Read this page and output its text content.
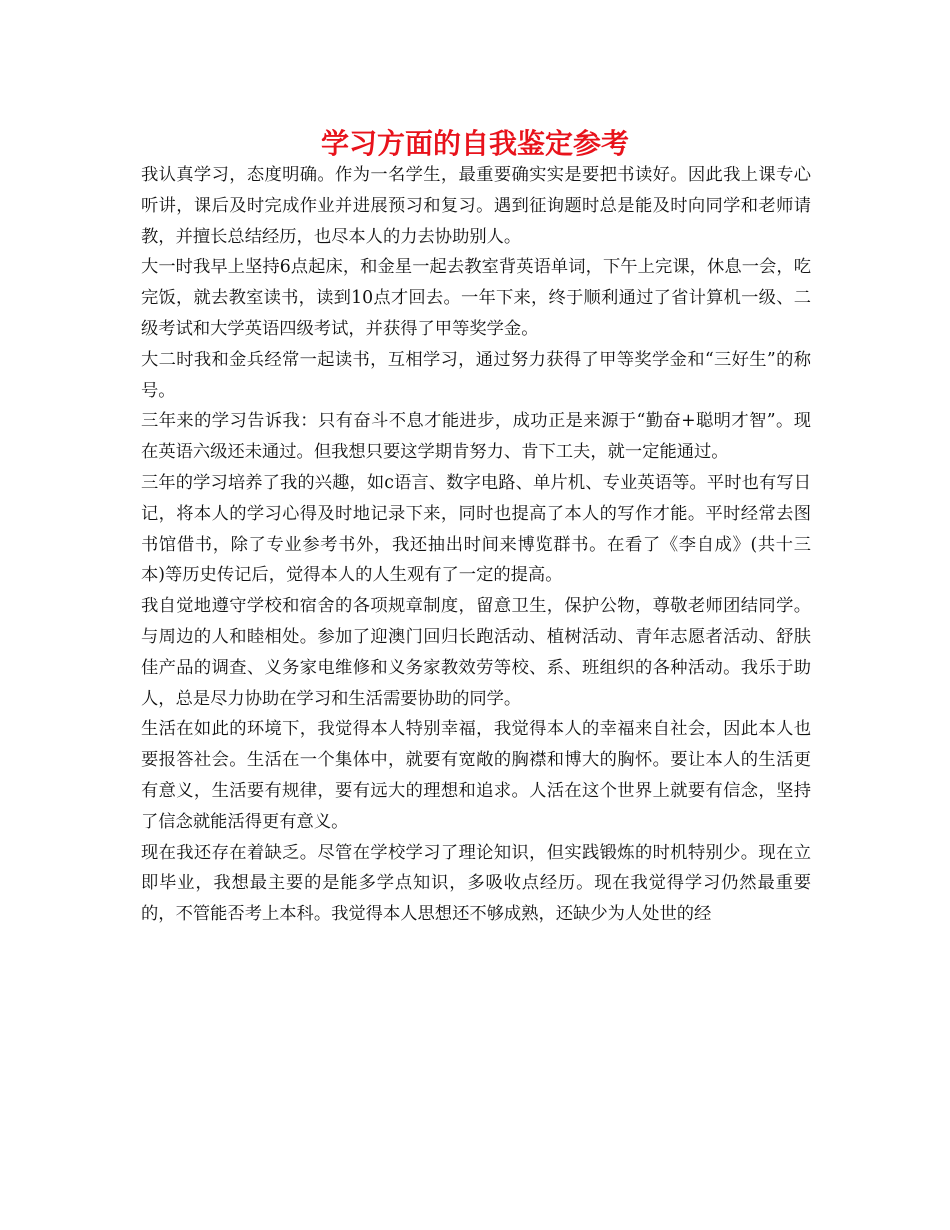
学习方面的自我鉴定参考

我认真学习，态度明确。作为一名学生，最重要确实实是要把书读好。因此我上课专心听讲，课后及时完成作业并进展预习和复习。遇到征询题时总是能及时向同学和老师请教，并擅长总结经历，也尽本人的力去协助别人。

大一时我早上坚持6点起床，和金星一起去教室背英语单词，下午上完课，休息一会，吃完饭，就去教室读书，读到10点才回去。一年下来，终于顺利通过了省计算机一级、二级考试和大学英语四级考试，并获得了甲等奖学金。

大二时我和金兵经常一起读书，互相学习，通过努力获得了甲等奖学金和“三好生”的称号。

三年来的学习告诉我：只有奋斗不息才能进步，成功正是来源于“勤奋+聪明才智”。现在英语六级还未通过。但我想只要这学期肯努力、肯下工夫，就一定能通过。

三年的学习培养了我的兴趣，如c语言、数字电路、单片机、专业英语等。平时也有写日记，将本人的学习心得及时地记录下来，同时也提高了本人的写作才能。平时经常去图书馆借书，除了专业参考书外，我还抽出时间来博览群书。在看了《李自成》(共十三本)等历史传记后，觉得本人的人生观有了一定的提高。

我自觉地遵守学校和宿舍的各项规章制度，留意卫生，保护公物，尊敬老师团结同学。与周边的人和睦相处。参加了迎澳门回归长跑活动、植树活动、青年志愿者活动、舒肤佳产品的调查、义务家电维修和义务家教效劳等校、系、班组织的各种活动。我乐于助人，总是尽力协助在学习和生活需要协助的同学。

生活在如此的环境下，我觉得本人特别幸福，我觉得本人的幸福来自社会，因此本人也要报答社会。生活在一个集体中，就要有宽敞的胸襟和博大的胸怀。要让本人的生活更有意义，生活要有规律，要有远大的理想和追求。人活在这个世界上就要有信念，坚持了信念就能活得更有意义。

现在我还存在着缺乏。尽管在学校学习了理论知识，但实践锻炼的时机特别少。现在立即毕业，我想最主要的是能多学点知识，多吸收点经历。现在我觉得学习仍然最重要的，不管能否考上本科。我觉得本人思想还不够成熟，还缺少为人处世的经
